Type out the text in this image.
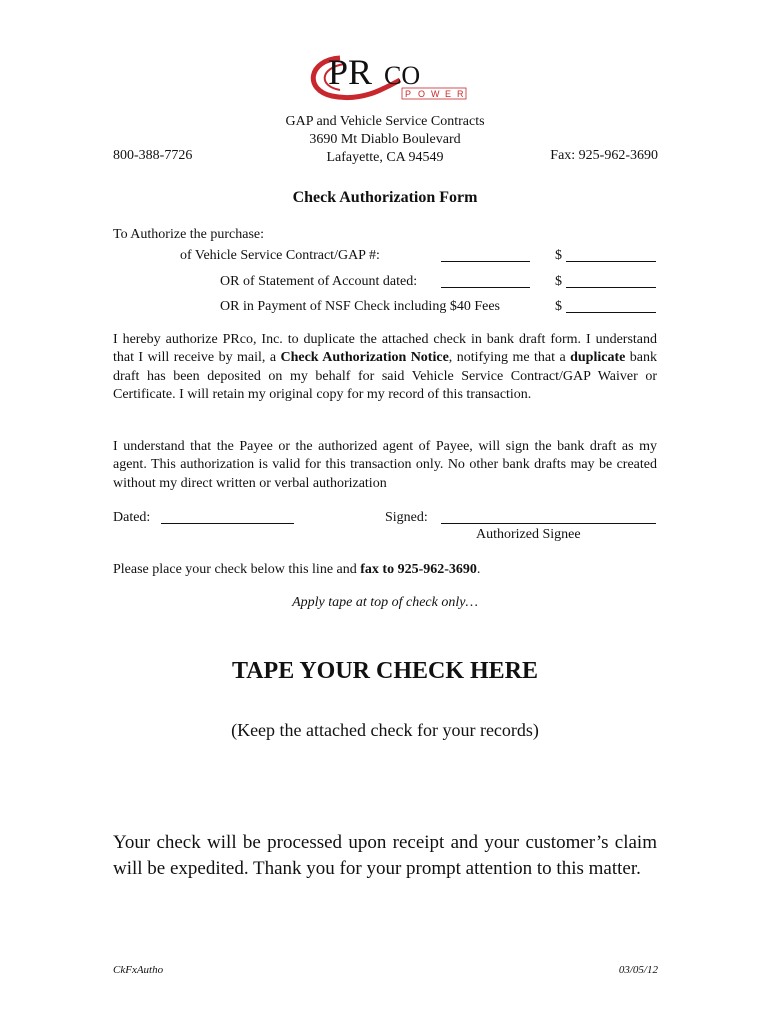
PR CO
P O W E R
GAP and Vehicle Service Contracts
3690 Mt Diablo Boulevard
Lafayette, CA 94549
800-388-7726	Fax: 925-962-3690
Check Authorization Form
To Authorize the purchase:
of Vehicle Service Contract/GAP #:	$
OR of Statement of Account dated:	$
OR in Payment of NSF Check including $40 Fees	$
I hereby authorize PRco, Inc. to duplicate the attached check in bank draft form. I understand that I will receive by mail, a Check Authorization Notice, notifying me that a duplicate bank draft has been deposited on my behalf for said Vehicle Service Contract/GAP Waiver or Certificate. I will retain my original copy for my record of this transaction.
I understand that the Payee or the authorized agent of Payee, will sign the bank draft as my agent. This authorization is valid for this transaction only. No other bank drafts may be created without my direct written or verbal authorization
Dated:	Signed:
Authorized Signee
Please place your check below this line and fax to 925-962-3690.
Apply tape at top of check only…
TAPE YOUR CHECK HERE
(Keep the attached check for your records)
Your check will be processed upon receipt and your customer’s claim will be expedited. Thank you for your prompt attention to this matter.
CkFxAutho	03/05/12
